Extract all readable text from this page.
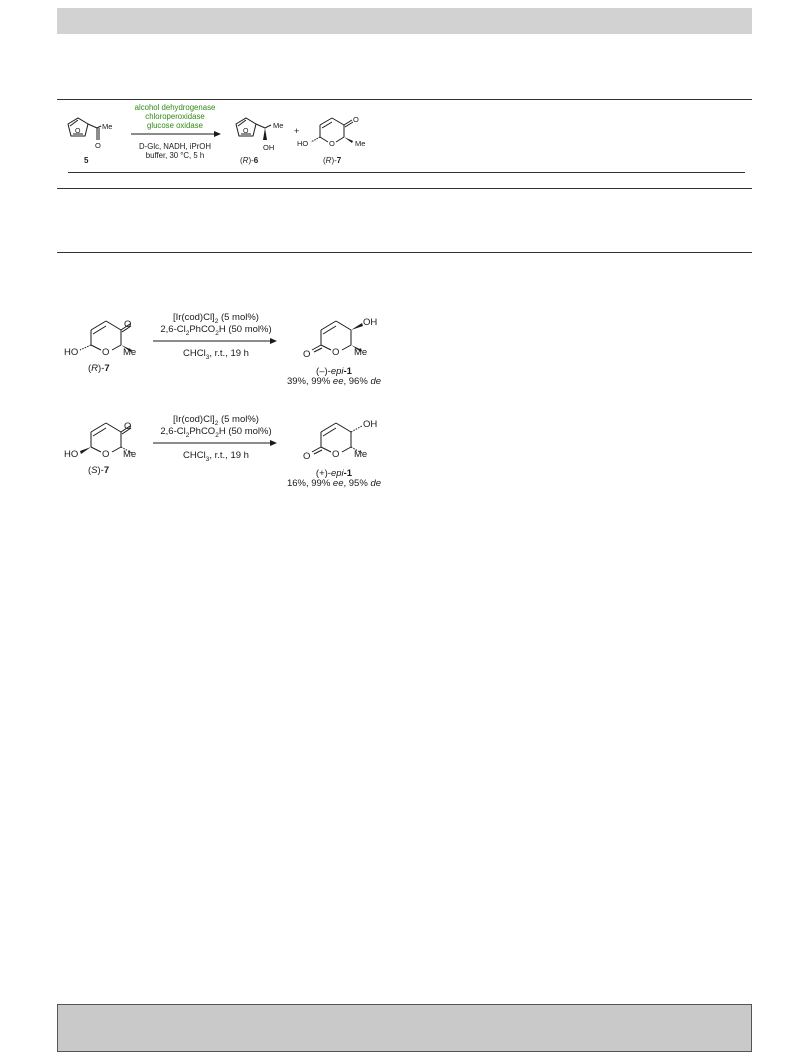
O
Me
O
5
alcohol dehydrogenase
chloroperoxidase
glucose oxidase
D-Glc, NADH, iPrOH
buffer, 30 °C, 5 h
O
Me
OH
(R)-6
+
O
O
HO	Me
(R)-7
O
O
HO	Me
(R)-7
$[Ir(cod)Cl]_2$ (5 mol%)
$2,6-Cl_2PhCO_2H$ (50 mol%)
CHCl$_3$, r.t., 19 h
OH
O
O	Me
(–)-epi-1
39%, 99% ee, 96% de
O
O
HO	Me
(S)-7
$[Ir(cod)Cl]_2$ (5 mol%)
$2,6-Cl_2PhCO_2H$ (50 mol%)
CHCl$_3$, r.t., 19 h
OH
O
O	Me
(+)-epi-1
16%, 99% ee, 95% de
